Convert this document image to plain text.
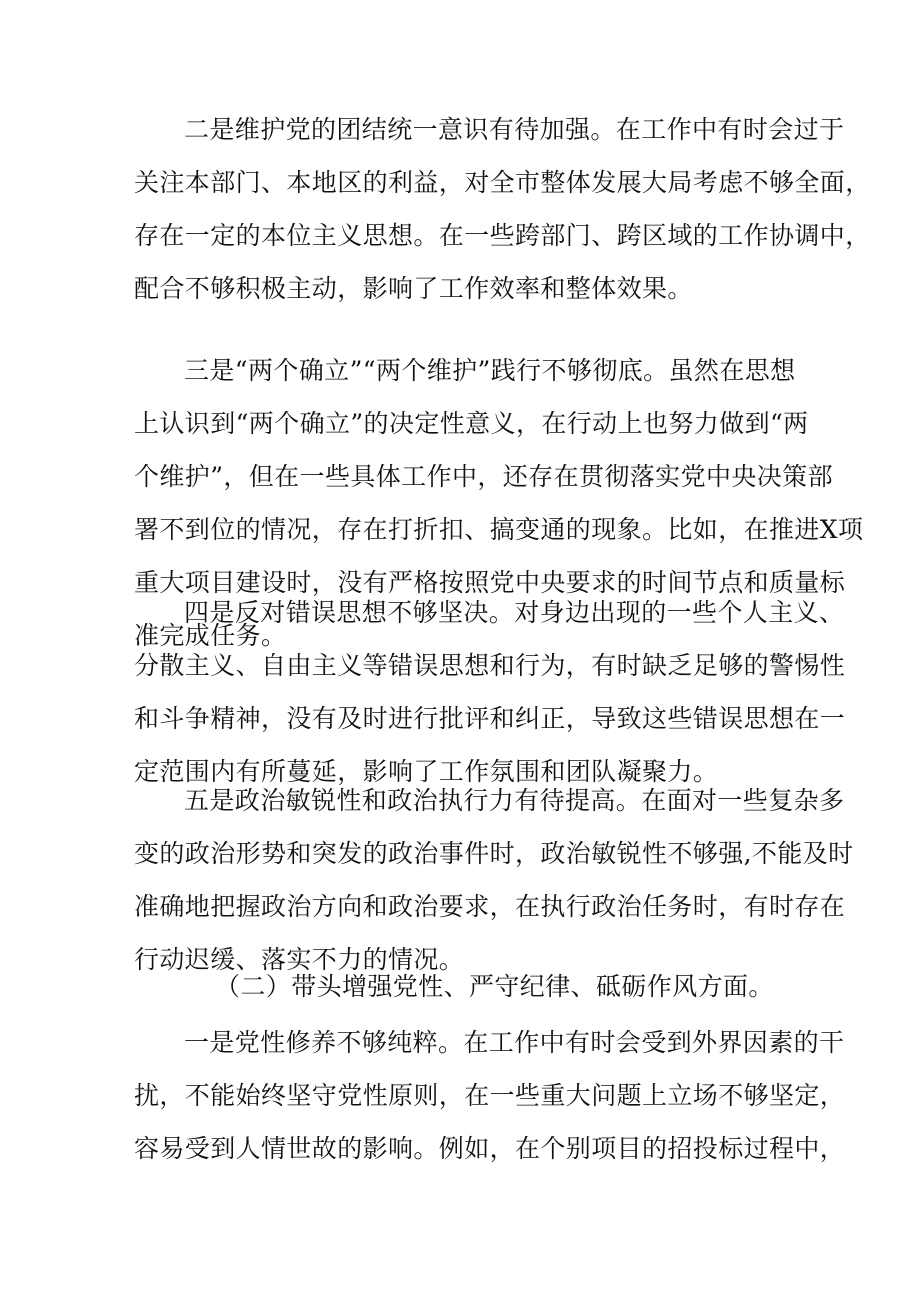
二是维护党的团结统一意识有待加强。在工作中有时会过于
关注本部门、本地区的利益，对全市整体发展大局考虑不够全面，
存在一定的本位主义思想。在一些跨部门、跨区域的工作协调中，
配合不够积极主动，影响了工作效率和整体效果。

三是“两个确立”“两个维护”践行不够彻底。虽然在思想
上认识到“两个确立”的决定性意义，在行动上也努力做到“两
个维护”，但在一些具体工作中，还存在贯彻落实党中央决策部
署不到位的情况，存在打折扣、搞变通的现象。比如，在推进X项
重大项目建设时，没有严格按照党中央要求的时间节点和质量标
准完成任务。

四是反对错误思想不够坚决。对身边出现的一些个人主义、
分散主义、自由主义等错误思想和行为，有时缺乏足够的警惕性
和斗争精神，没有及时进行批评和纠正，导致这些错误思想在一
定范围内有所蔓延，影响了工作氛围和团队凝聚力。

五是政治敏锐性和政治执行力有待提高。在面对一些复杂多
变的政治形势和突发的政治事件时，政治敏锐性不够强,不能及时
准确地把握政治方向和政治要求，在执行政治任务时，有时存在
行动迟缓、落实不力的情况。

（二）带头增强党性、严守纪律、砥砺作风方面。

一是党性修养不够纯粹。在工作中有时会受到外界因素的干
扰，不能始终坚守党性原则，在一些重大问题上立场不够坚定，
容易受到人情世故的影响。例如，在个别项目的招投标过程中，
